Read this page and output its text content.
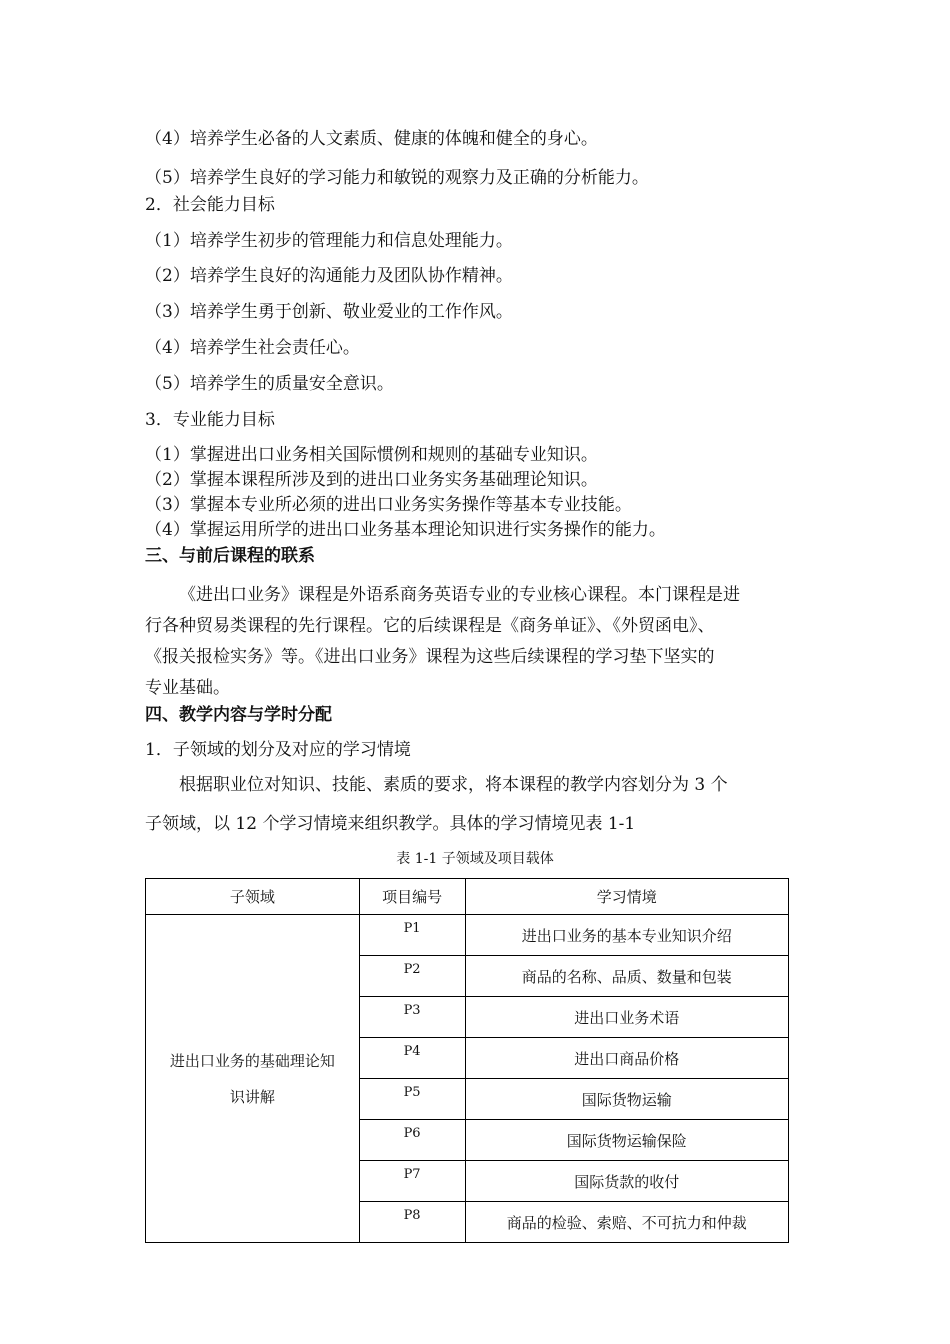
（4）培养学生必备的人文素质、健康的体魄和健全的身心。
（5）培养学生良好的学习能力和敏锐的观察力及正确的分析能力。
2．社会能力目标
（1）培养学生初步的管理能力和信息处理能力。
（2）培养学生良好的沟通能力及团队协作精神。
（3）培养学生勇于创新、敬业爱业的工作作风。
（4）培养学生社会责任心。
（5）培养学生的质量安全意识。
3．专业能力目标
（1）掌握进出口业务相关国际惯例和规则的基础专业知识。
（2）掌握本课程所涉及到的进出口业务实务基础理论知识。
（3）掌握本专业所必须的进出口业务实务操作等基本专业技能。
（4）掌握运用所学的进出口业务基本理论知识进行实务操作的能力。
三、与前后课程的联系
《进出口业务》课程是外语系商务英语专业的专业核心课程。本门课程是进
行各种贸易类课程的先行课程。它的后续课程是《商务单证》、《外贸函电》、
《报关报检实务》等。《进出口业务》课程为这些后续课程的学习垫下坚实的
专业基础。
四、教学内容与学时分配
1．子领域的划分及对应的学习情境
根据职业位对知识、技能、素质的要求，将本课程的教学内容划分为 3 个
子领域，以 12 个学习情境来组织教学。具体的学习情境见表 1-1
表 1-1 子领域及项目载体
子领域	项目编号	学习情境

进出口业务的基础理论知
识讲解	P1	进出口业务的基本专业知识介绍
	P2	商品的名称、品质、数量和包装
	P3	进出口业务术语
	P4	进出口商品价格
	P5	国际货物运输
	P6	国际货物运输保险
	P7	国际货款的收付
	P8	商品的检验、索赔、不可抗力和仲裁
